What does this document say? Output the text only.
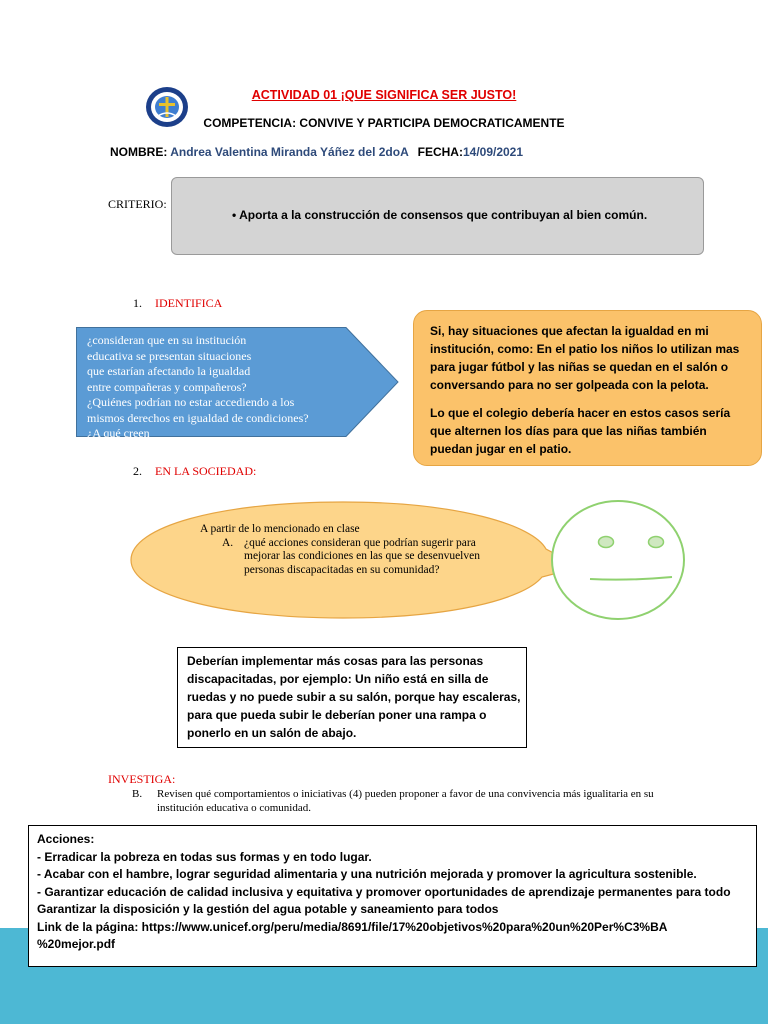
ACTIVIDAD 01 ¡QUE SIGNIFICA SER JUSTO!
COMPETENCIA: CONVIVE Y PARTICIPA DEMOCRATICAMENTE
NOMBRE: Andrea Valentina Miranda Yáñez del 2doA FECHA:14/09/2021
CRITERIO:
• Aporta a la construcción de consensos que contribuyan al bien común.
1. IDENTIFICA
¿consideran que en su institución
educativa se presentan situaciones
que estarían afectando la igualdad
entre compañeras y compañeros?
¿Quiénes podrían no estar accediendo a los
mismos derechos en igualdad de condiciones?
¿A qué creen

Si, hay situaciones que afectan la igualdad en mi institución, como: En el patio los niños lo utilizan mas para jugar fútbol y las niñas se quedan en el salón o conversando para no ser golpeada con la pelota.

Lo que el colegio debería hacer en estos casos sería que alternen los días para que las niñas también puedan jugar en el patio.

2. EN LA SOCIEDAD:
A partir de lo mencionado en clase
A. ¿qué acciones consideran que podrían sugerir para mejorar las condiciones en las que se desenvuelven personas discapacitadas en su comunidad?
Deberían implementar más cosas para las personas discapacitadas, por ejemplo: Un niño está en silla de ruedas y no puede subir a su salón, porque hay escaleras, para que pueda subir le deberían poner una rampa o ponerlo en un salón de abajo.
INVESTIGA:
B.	Revisen qué comportamientos o iniciativas (4) pueden proponer a favor de una convivencia más igualitaria en su institución educativa o comunidad.
Acciones:
- Erradicar la pobreza en todas sus formas y en todo lugar.
- Acabar con el hambre, lograr seguridad alimentaria y una nutrición mejorada y promover la agricultura sostenible.
- Garantizar educación de calidad inclusiva y equitativa y promover oportunidades de aprendizaje permanentes para todo
Garantizar la disposición y la gestión del agua potable y saneamiento para todos
Link de la página: https://www.unicef.org/peru/media/8691/file/17%20objetivos%20para%20un%20Per%C3%BA
%20mejor.pdf
